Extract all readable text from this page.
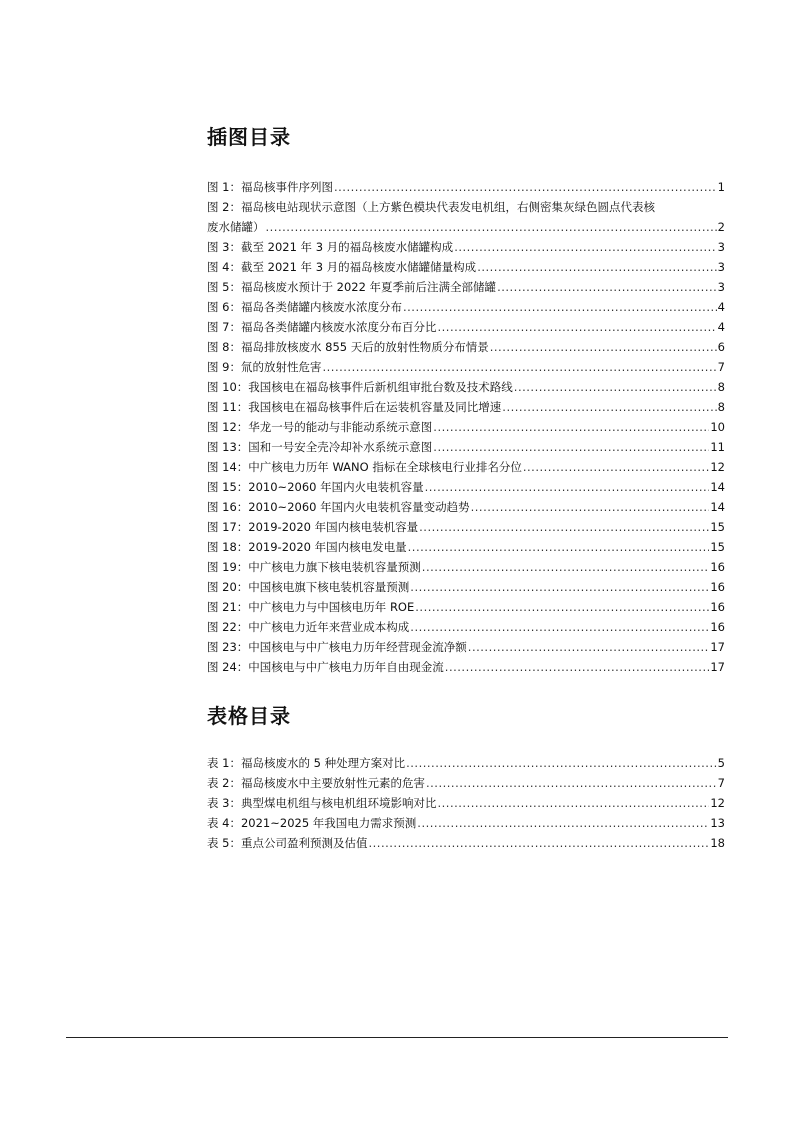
插图目录
图 1：福岛核事件序列图 .....	1
图 2：福岛核电站现状示意图（上方紫色模块代表发电机组，右侧密集灰绿色圆点代表核
废水储罐） .....	2
图 3：截至 2021 年 3 月的福岛核废水储罐构成 .....	3
图 4：截至 2021 年 3 月的福岛核废水储罐储量构成 .....	3
图 5：福岛核废水预计于 2022 年夏季前后注满全部储罐 .....	3
图 6：福岛各类储罐内核废水浓度分布 .....	4
图 7：福岛各类储罐内核废水浓度分布百分比 .....	4
图 8：福岛排放核废水 855 天后的放射性物质分布情景 .....	6
图 9：氚的放射性危害 .....	7
图 10：我国核电在福岛核事件后新机组审批台数及技术路线 .....	8
图 11：我国核电在福岛核事件后在运装机容量及同比增速 .....	8
图 12：华龙一号的能动与非能动系统示意图 .....	10
图 13：国和一号安全壳冷却补水系统示意图 .....	11
图 14：中广核电力历年 WANO 指标在全球核电行业排名分位 .....	12
图 15：2010~2060 年国内火电装机容量 .....	14
图 16：2010~2060 年国内火电装机容量变动趋势 .....	14
图 17：2019-2020 年国内核电装机容量 .....	15
图 18：2019-2020 年国内核电发电量 .....	15
图 19：中广核电力旗下核电装机容量预测 .....	16
图 20：中国核电旗下核电装机容量预测 .....	16
图 21：中广核电力与中国核电历年 ROE .....	16
图 22：中广核电力近年来营业成本构成 .....	16
图 23：中国核电与中广核电力历年经营现金流净额 .....	17
图 24：中国核电与中广核电力历年自由现金流 .....	17
表格目录
表 1：福岛核废水的 5 种处理方案对比 .....	5
表 2：福岛核废水中主要放射性元素的危害 .....	7
表 3：典型煤电机组与核电机组环境影响对比 .....	12
表 4：2021~2025 年我国电力需求预测 .....	13
表 5：重点公司盈利预测及估值 .....	18
